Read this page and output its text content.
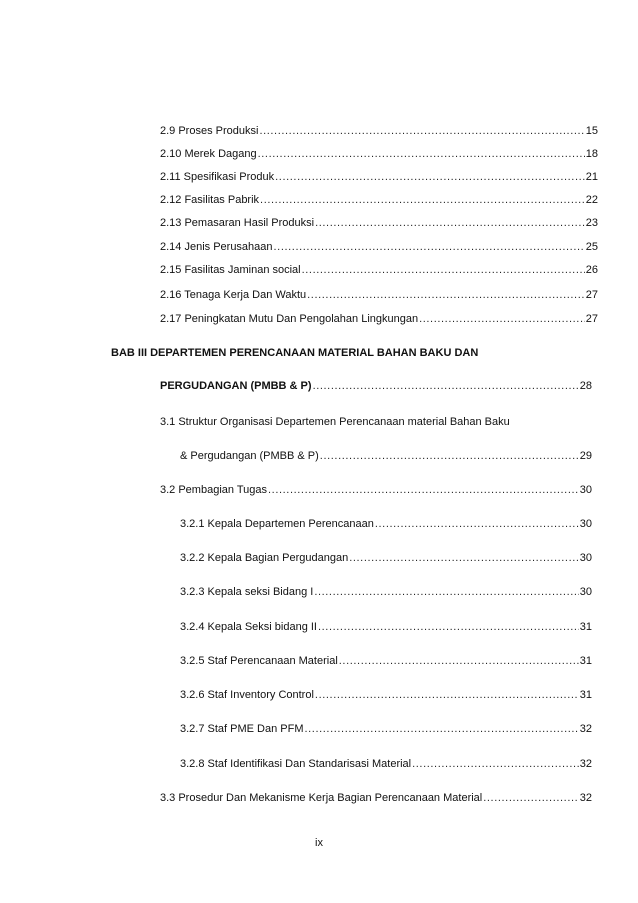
2.9 Proses Produksi .....	15
2.10 Merek Dagang .....	18
2.11 Spesifikasi Produk .....	21
2.12 Fasilitas Pabrik .....	22
2.13 Pemasaran Hasil Produksi .....	23
2.14 Jenis Perusahaan .....	25
2.15 Fasilitas Jaminan social .....	26
2.16 Tenaga Kerja Dan Waktu .....	27
2.17 Peningkatan Mutu Dan Pengolahan Lingkungan .....	27
BAB III DEPARTEMEN PERENCANAAN MATERIAL BAHAN BAKU DAN
PERGUDANGAN (PMBB & P) .....	28
3.1 Struktur Organisasi Departemen Perencanaan material Bahan Baku
& Pergudangan (PMBB & P) .....	29
3.2 Pembagian Tugas .....	30
3.2.1 Kepala Departemen Perencanaan .....	30
3.2.2 Kepala Bagian Pergudangan .....	30
3.2.3 Kepala seksi Bidang I .....	30
3.2.4 Kepala Seksi bidang II .....	31
3.2.5 Staf Perencanaan Material .....	31
3.2.6 Staf Inventory Control .....	31
3.2.7 Staf PME Dan PFM .....	32
3.2.8 Staf Identifikasi Dan Standarisasi Material .....	32
3.3 Prosedur Dan Mekanisme Kerja Bagian Perencanaan Material .....	32
ix
